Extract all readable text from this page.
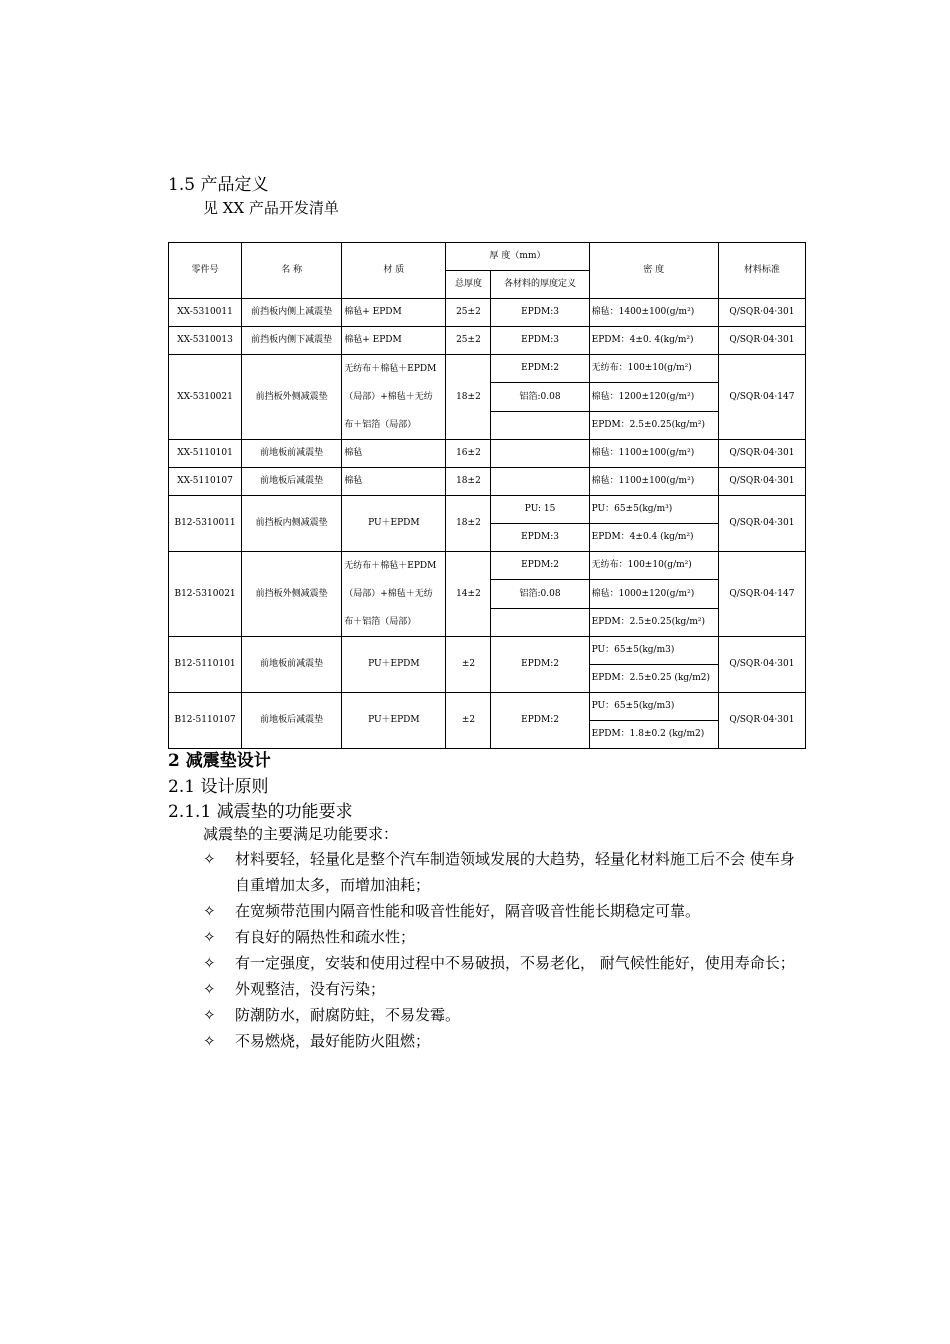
1.5 产品定义
见 XX 产品开发清单
零件号	名 称	材 质	厚 度（mm）		密 度	材料标准
			总厚度	各材料的厚度定义		
XX-5310011	前挡板内侧上减震垫	棉毡+ EPDM	25±2	EPDM:3	棉毡：1400±100(g/m²)	Q/SQR·04·301
XX-5310013	前挡板内侧下减震垫	棉毡+ EPDM	25±2	EPDM:3	EPDM：4±0. 4(kg/m²)	Q/SQR·04·301
XX-5310021	前挡板外侧减震垫	无纺布＋棉毡＋EPDM
（局部）+棉毡＋无纺
布＋铝箔（局部）	18±2	EPDM:2	无纺布：100±10(g/m²)	Q/SQR·04·147
				铝箔:0.08	棉毡：1200±120(g/m²)	
					EPDM：2.5±0.25(kg/m²)	
XX-5110101	前地板前减震垫	棉毡	16±2		棉毡：1100±100(g/m²)	Q/SQR·04·301
XX-5110107	前地板后减震垫	棉毡	18±2		棉毡：1100±100(g/m²)	Q/SQR·04·301
B12-5310011	前挡板内侧减震垫	PU＋EPDM	18±2	PU: 15	PU：65±5(kg/m³)	Q/SQR·04·301
				EPDM:3	EPDM：4±0.4 (kg/m²)	
B12-5310021	前挡板外侧减震垫	无纺布＋棉毡＋EPDM
（局部）+棉毡＋无纺
布＋铝箔（局部）	14±2	EPDM:2	无纺布：100±10(g/m²)	Q/SQR·04·147
				铝箔:0.08	棉毡：1000±120(g/m²)	
					EPDM：2.5±0.25(kg/m²)	
B12-5110101	前地板前减震垫	PU＋EPDM	±2	EPDM:2	PU：65±5(kg/m3)	Q/SQR·04·301
					EPDM：2.5±0.25 (kg/m2)	
B12-5110107	前地板后减震垫	PU＋EPDM	±2	EPDM:2	PU：65±5(kg/m3)	Q/SQR·04·301
					EPDM：1.8±0.2 (kg/m2)	
2 减震垫设计
2.1 设计原则
2.1.1 减震垫的功能要求
减震垫的主要满足功能要求：
✧	材料要轻，轻量化是整个汽车制造领域发展的大趋势，轻量化材料施工后不会 使车身自重增加太多，而增加油耗；
✧	在宽频带范围内隔音性能和吸音性能好，隔音吸音性能长期稳定可靠。
✧	有良好的隔热性和疏水性；
✧	有一定强度，安装和使用过程中不易破损，不易老化， 耐气候性能好，使用寿命长；
✧	外观整洁，没有污染；
✧	防潮防水，耐腐防蛀，不易发霉。
✧	不易燃烧，最好能防火阻燃；
